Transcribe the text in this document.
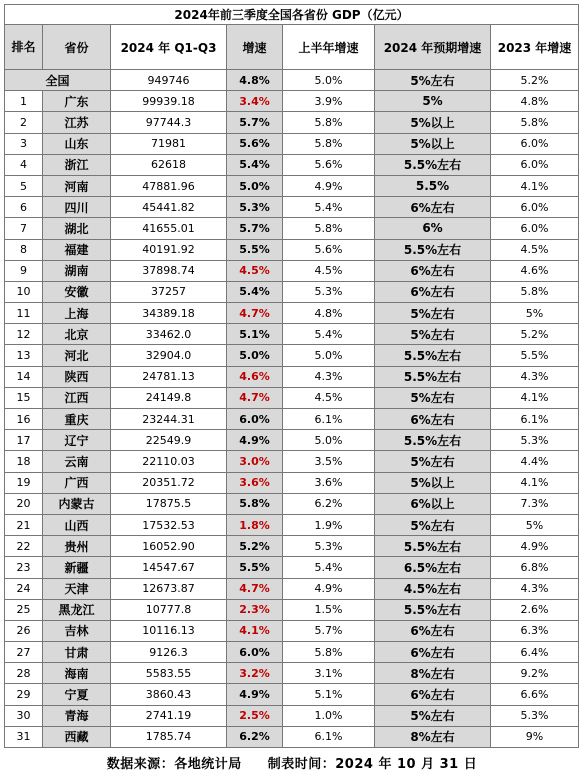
2024年前三季度全国各省份 GDP（亿元）						
排名	省份	2024 年 Q1-Q3	增速	上半年增速	2024 年预期增速	2023 年增速
全国		949746	4.8%	5.0%	5%左右	5.2%
1	广东	99939.18	3.4%	3.9%	5%	4.8%
2	江苏	97744.3	5.7%	5.8%	5%以上	5.8%
3	山东	71981	5.6%	5.8%	5%以上	6.0%
4	浙江	62618	5.4%	5.6%	5.5%左右	6.0%
5	河南	47881.96	5.0%	4.9%	5.5%	4.1%
6	四川	45441.82	5.3%	5.4%	6%左右	6.0%
7	湖北	41655.01	5.7%	5.8%	6%	6.0%
8	福建	40191.92	5.5%	5.6%	5.5%左右	4.5%
9	湖南	37898.74	4.5%	4.5%	6%左右	4.6%
10	安徽	37257	5.4%	5.3%	6%左右	5.8%
11	上海	34389.18	4.7%	4.8%	5%左右	5%
12	北京	33462.0	5.1%	5.4%	5%左右	5.2%
13	河北	32904.0	5.0%	5.0%	5.5%左右	5.5%
14	陕西	24781.13	4.6%	4.3%	5.5%左右	4.3%
15	江西	24149.8	4.7%	4.5%	5%左右	4.1%
16	重庆	23244.31	6.0%	6.1%	6%左右	6.1%
17	辽宁	22549.9	4.9%	5.0%	5.5%左右	5.3%
18	云南	22110.03	3.0%	3.5%	5%左右	4.4%
19	广西	20351.72	3.6%	3.6%	5%以上	4.1%
20	内蒙古	17875.5	5.8%	6.2%	6%以上	7.3%
21	山西	17532.53	1.8%	1.9%	5%左右	5%
22	贵州	16052.90	5.2%	5.3%	5.5%左右	4.9%
23	新疆	14547.67	5.5%	5.4%	6.5%左右	6.8%
24	天津	12673.87	4.7%	4.9%	4.5%左右	4.3%
25	黑龙江	10777.8	2.3%	1.5%	5.5%左右	2.6%
26	吉林	10116.13	4.1%	5.7%	6%左右	6.3%
27	甘肃	9126.3	6.0%	5.8%	6%左右	6.4%
28	海南	5583.55	3.2%	3.1%	8%左右	9.2%
29	宁夏	3860.43	4.9%	5.1%	6%左右	6.6%
30	青海	2741.19	2.5%	1.0%	5%左右	5.3%
31	西藏	1785.74	6.2%	6.1%	8%左右	9%
数据来源：各地统计局 制表时间：2024 年 10 月 31 日
